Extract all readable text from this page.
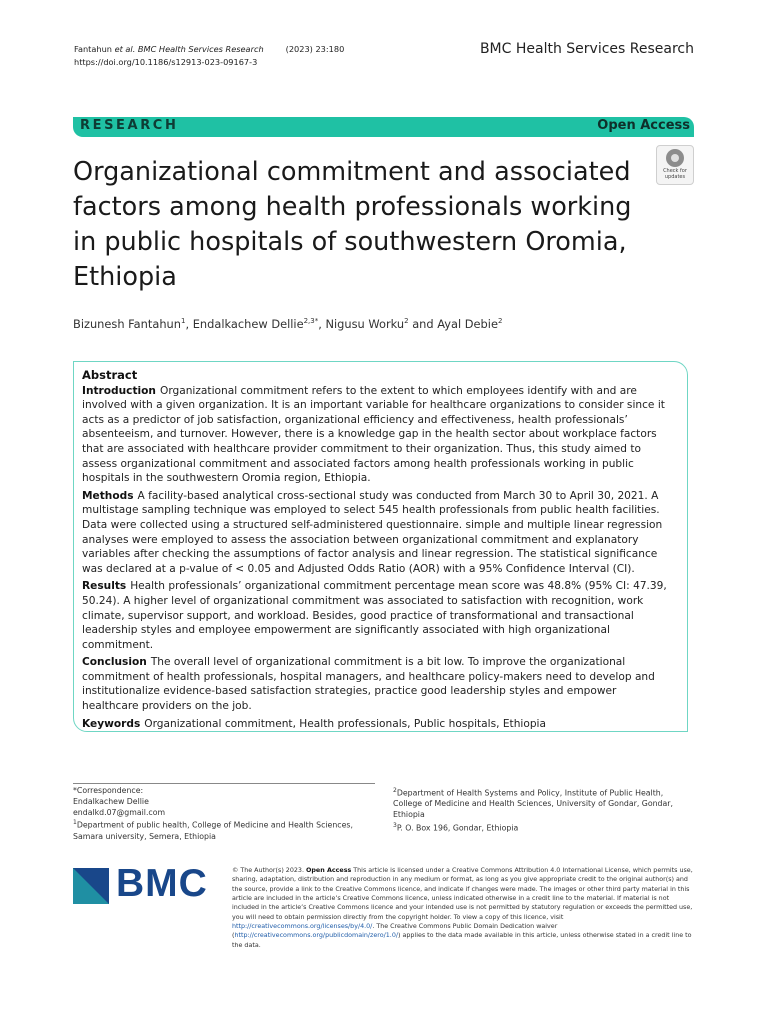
Fantahun et al. BMC Health Services Research	(2023) 23:180
https://doi.org/10.1186/s12913-023-09167-3
BMC Health Services Research
RESEARCH	Open Access
Organizational commitment and associated factors among health professionals working in public hospitals of southwestern Oromia, Ethiopia
Check for
updates
Bizunesh Fantahun$^1$, Endalkachew Dellie$^{2,3*}$, Nigusu Worku$^2$ and Ayal Debie$^2$
Abstract

Introduction Organizational commitment refers to the extent to which employees identify with and are involved with a given organization. It is an important variable for healthcare organizations to consider since it acts as a predictor of job satisfaction, organizational efficiency and effectiveness, health professionals’ absenteeism, and turnover. However, there is a knowledge gap in the health sector about workplace factors that are associated with healthcare provider commitment to their organization. Thus, this study aimed to assess organizational commitment and associated factors among health professionals working in public hospitals in the southwestern Oromia region, Ethiopia.

Methods A facility-based analytical cross-sectional study was conducted from March 30 to April 30, 2021. A multistage sampling technique was employed to select 545 health professionals from public health facilities. Data were collected using a structured self-administered questionnaire. simple and multiple linear regression analyses were employed to assess the association between organizational commitment and explanatory variables after checking the assumptions of factor analysis and linear regression. The statistical significance was declared at a p-value of < 0.05 and Adjusted Odds Ratio (AOR) with a 95% Confidence Interval (CI).

Results Health professionals’ organizational commitment percentage mean score was 48.8% (95% CI: 47.39, 50.24). A higher level of organizational commitment was associated to satisfaction with recognition, work climate, supervisor support, and workload. Besides, good practice of transformational and transactional leadership styles and employee empowerment are significantly associated with high organizational commitment.

Conclusion The overall level of organizational commitment is a bit low. To improve the organizational commitment of health professionals, hospital managers, and healthcare policy-makers need to develop and institutionalize evidence-based satisfaction strategies, practice good leadership styles and empower healthcare providers on the job.

Keywords Organizational commitment, Health professionals, Public hospitals, Ethiopia

*Correspondence:
Endalkachew Dellie
endalkd.07@gmail.com
$^1$Department of public health, College of Medicine and Health Sciences, Samara university, Semera, Ethiopia
$^2$Department of Health Systems and Policy, Institute of Public Health, College of Medicine and Health Sciences, University of Gondar, Gondar, Ethiopia
$^3$P. O. Box 196, Gondar, Ethiopia
BMC	© The Author(s) 2023. Open Access This article is licensed under a Creative Commons Attribution 4.0 International License, which permits use, sharing, adaptation, distribution and reproduction in any medium or format, as long as you give appropriate credit to the original author(s) and the source, provide a link to the Creative Commons licence, and indicate if changes were made. The images or other third party material in this article are included in the article’s Creative Commons licence, unless indicated otherwise in a credit line to the material. If material is not included in the article’s Creative Commons licence and your intended use is not permitted by statutory regulation or exceeds the permitted use, you will need to obtain permission directly from the copyright holder. To view a copy of this licence, visit http://creativecommons.org/licenses/by/4.0/. The Creative Commons Public Domain Dedication waiver (http://creativecommons.org/publicdomain/zero/1.0/) applies to the data made available in this article, unless otherwise stated in a credit line to the data.
